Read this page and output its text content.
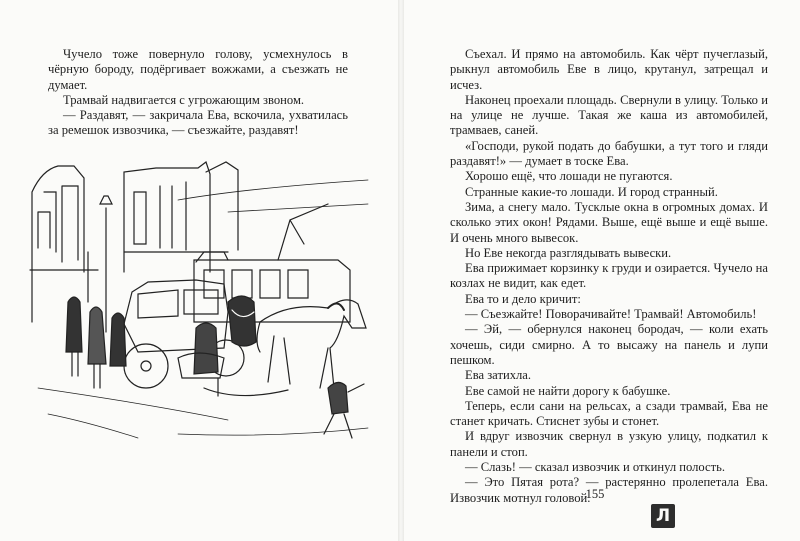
Чучело тоже повернуло голову, усмехнулось в чёрную бороду, подёргивает вожжами, а съезжать не думает.

Трамвай надвигается с угрожающим звоном.

— Раздавят, — закричала Ева, вскочила, ухватилась за ремешок извозчика, — съезжайте, раздавят!

Съехал. И прямо на автомобиль. Как чёрт пучеглазый, рыкнул автомобиль Еве в лицо, крутанул, затрещал и исчез.

Наконец проехали площадь. Свернули в улицу. Только и на улице не лучше. Такая же каша из автомобилей, трамваев, саней.

«Господи, рукой подать до бабушки, а тут того и гляди раздавят!» — думает в тоске Ева.

Хорошо ещё, что лошади не пугаются.

Странные какие-то лошади. И город странный.

Зима, а снегу мало. Тусклые окна в огромных домах. И сколько этих окон! Рядами. Выше, ещё выше и ещё выше. И очень много вывесок.

Но Еве некогда разглядывать вывески.

Ева прижимает корзинку к груди и озирается. Чучело на козлах не видит, как едет.

Ева то и дело кричит:

— Съезжайте! Поворачивайте! Трамвай! Автомобиль!

— Эй, — обернулся наконец бородач, — коли ехать хочешь, сиди смирно. А то высажу на панель и лупи пешком.

Ева затихла.

Еве самой не найти дорогу к бабушке.

Теперь, если сани на рельсах, а сзади трамвай, Ева не станет кричать. Стиснет зубы и стонет.

И вдруг извозчик свернул в узкую улицу, подкатил к панели и стоп.

— Слазь! — сказал извозчик и откинул полость.

— Это Пятая рота? — растерянно пролепетала Ева. Извозчик мотнул головой.

155
Л
